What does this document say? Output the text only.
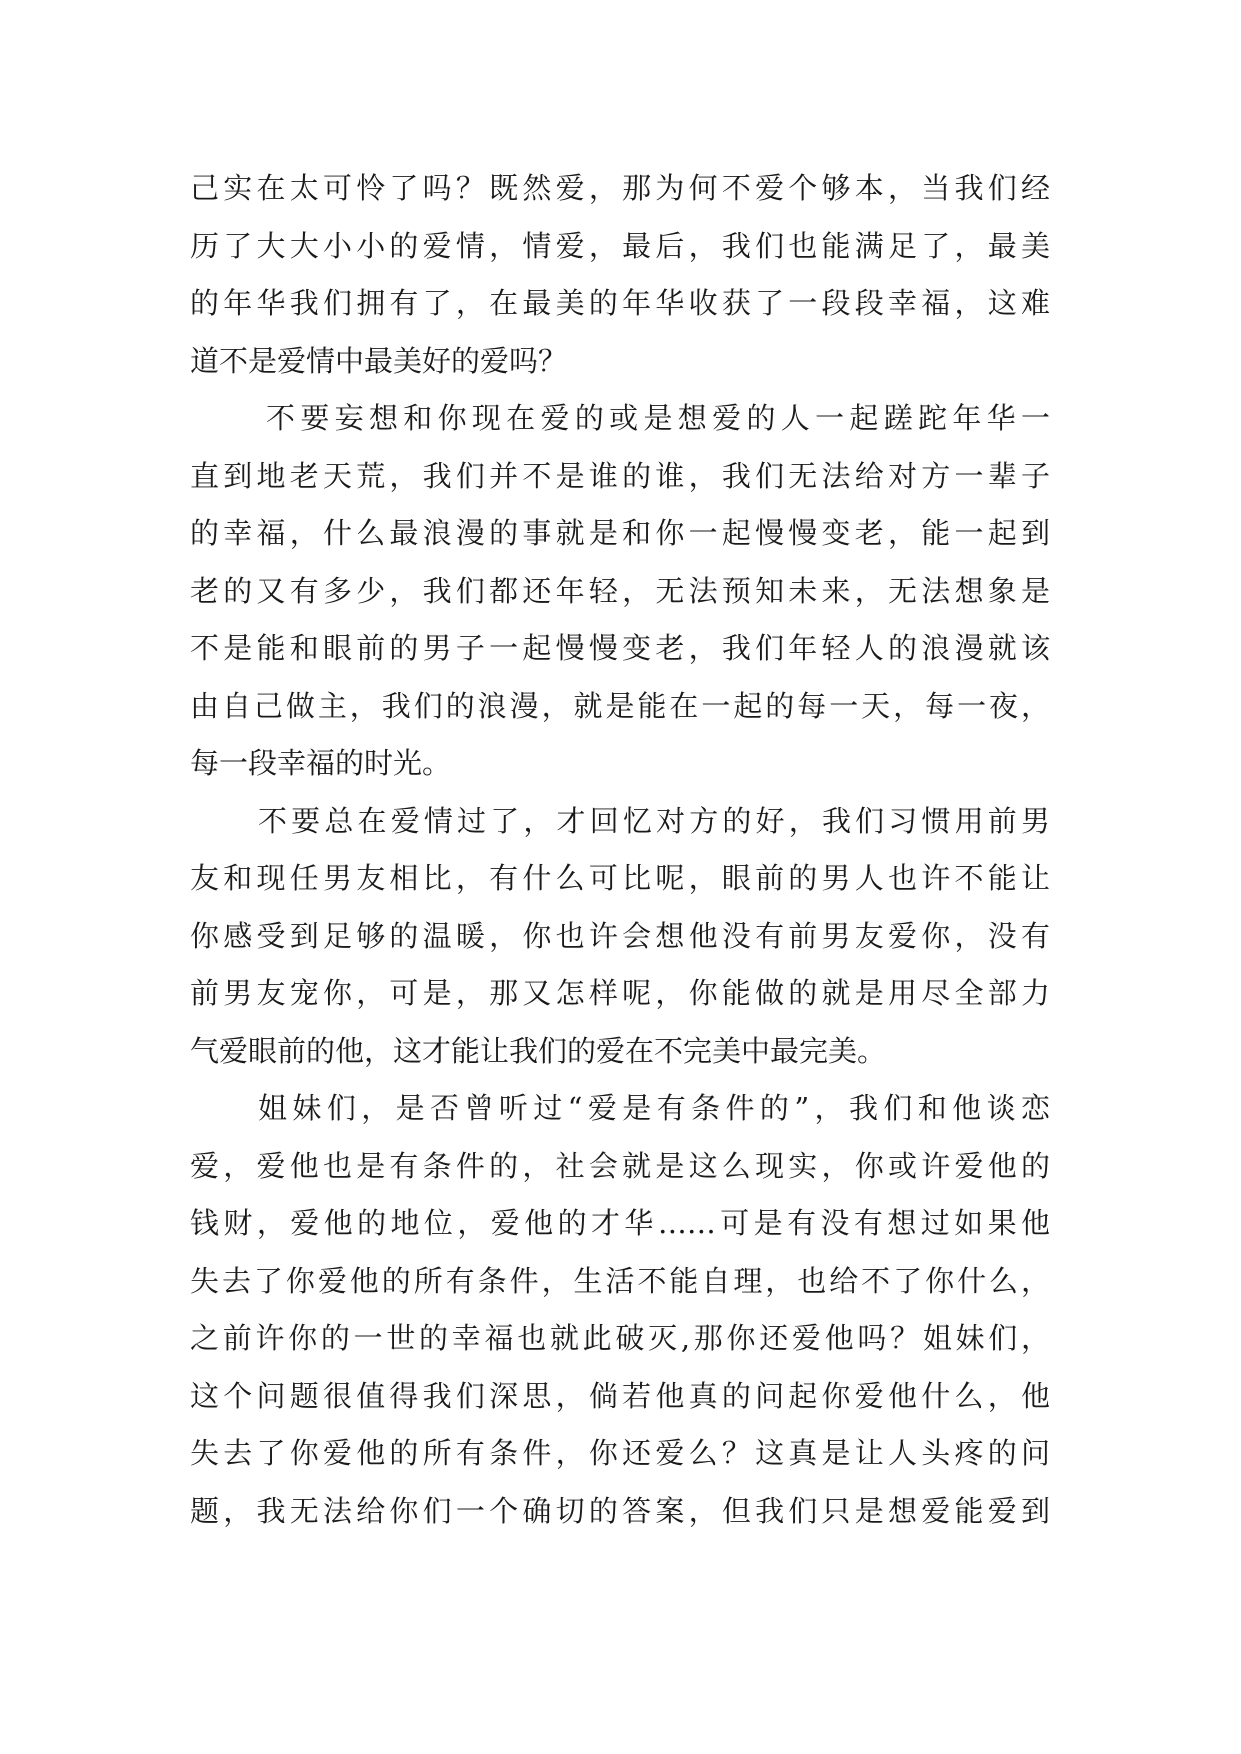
己实在太可怜了吗？既然爱，那为何不爱个够本，当我们经
历了大大小小的爱情，情爱，最后，我们也能满足了，最美
的年华我们拥有了，在最美的年华收获了一段段幸福，这难
道不是爱情中最美好的爱吗？
不要妄想和你现在爱的或是想爱的人一起蹉跎年华一
直到地老天荒，我们并不是谁的谁，我们无法给对方一辈子
的幸福，什么最浪漫的事就是和你一起慢慢变老，能一起到
老的又有多少，我们都还年轻，无法预知未来，无法想象是
不是能和眼前的男子一起慢慢变老，我们年轻人的浪漫就该
由自己做主，我们的浪漫，就是能在一起的每一天，每一夜，
每一段幸福的时光。
不要总在爱情过了，才回忆对方的好，我们习惯用前男
友和现任男友相比，有什么可比呢，眼前的男人也许不能让
你感受到足够的温暖，你也许会想他没有前男友爱你，没有
前男友宠你，可是，那又怎样呢，你能做的就是用尽全部力
气爱眼前的他，这才能让我们的爱在不完美中最完美。
姐妹们，是否曾听过“爱是有条件的”，我们和他谈恋
爱，爱他也是有条件的，社会就是这么现实，你或许爱他的
钱财，爱他的地位，爱他的才华……可是有没有想过如果他
失去了你爱他的所有条件，生活不能自理，也给不了你什么，
之前许你的一世的幸福也就此破灭,那你还爱他吗？姐妹们，
这个问题很值得我们深思，倘若他真的问起你爱他什么，他
失去了你爱他的所有条件，你还爱么？这真是让人头疼的问
题，我无法给你们一个确切的答案，但我们只是想爱能爱到
